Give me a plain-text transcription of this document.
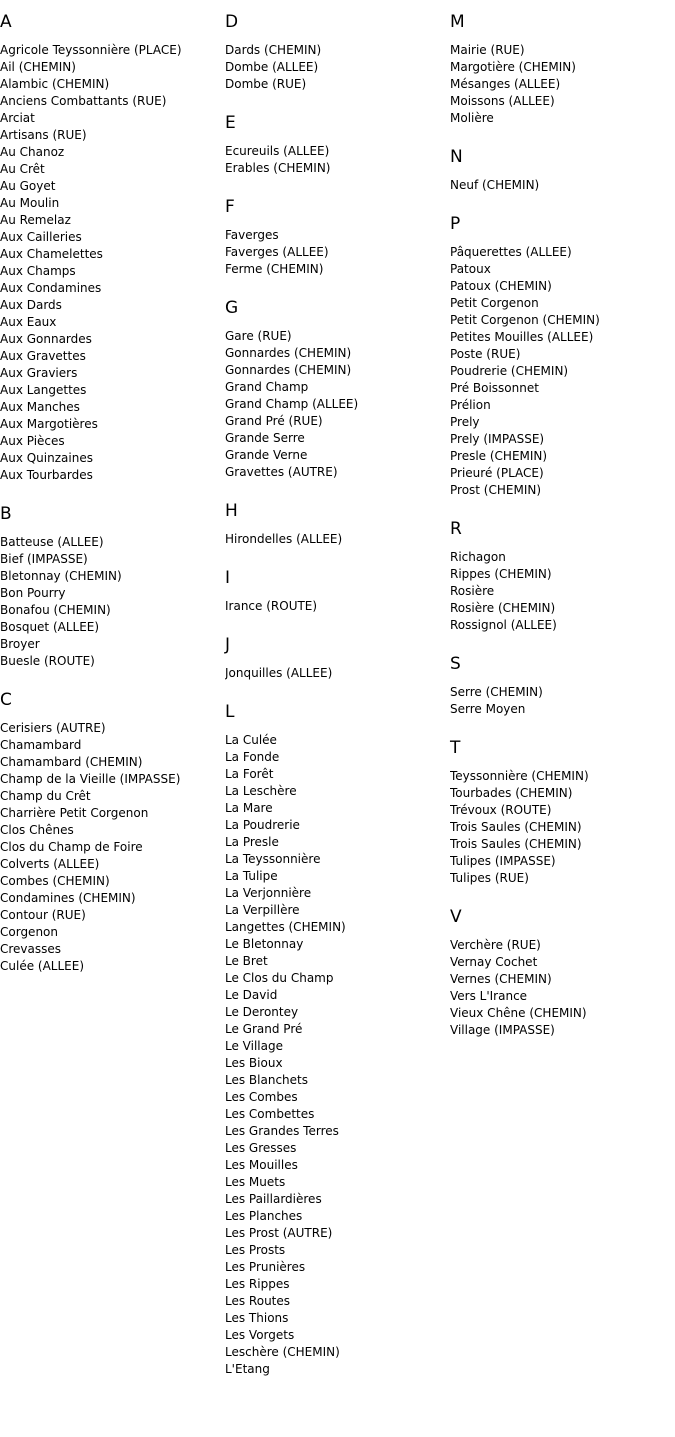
A
Agricole Teyssonnière (PLACE)
Ail (CHEMIN)
Alambic (CHEMIN)
Anciens Combattants (RUE)
Arciat
Artisans (RUE)
Au Chanoz
Au Crêt
Au Goyet
Au Moulin
Au Remelaz
Aux Cailleries
Aux Chamelettes
Aux Champs
Aux Condamines
Aux Dards
Aux Eaux
Aux Gonnardes
Aux Gravettes
Aux Graviers
Aux Langettes
Aux Manches
Aux Margotières
Aux Pièces
Aux Quinzaines
Aux Tourbardes
B
Batteuse (ALLEE)
Bief (IMPASSE)
Bletonnay (CHEMIN)
Bon Pourry
Bonafou (CHEMIN)
Bosquet (ALLEE)
Broyer
Buesle (ROUTE)
C
Cerisiers (AUTRE)
Chamambard
Chamambard (CHEMIN)
Champ de la Vieille (IMPASSE)
Champ du Crêt
Charrière Petit Corgenon
Clos Chênes
Clos du Champ de Foire
Colverts (ALLEE)
Combes (CHEMIN)
Condamines (CHEMIN)
Contour (RUE)
Corgenon
Crevasses
Culée (ALLEE)
D
Dards (CHEMIN)
Dombe (ALLEE)
Dombe (RUE)
E
Ecureuils (ALLEE)
Erables (CHEMIN)
F
Faverges
Faverges (ALLEE)
Ferme (CHEMIN)
G
Gare (RUE)
Gonnardes (CHEMIN)
Gonnardes (CHEMIN)
Grand Champ
Grand Champ (ALLEE)
Grand Pré (RUE)
Grande Serre
Grande Verne
Gravettes (AUTRE)
H
Hirondelles (ALLEE)
I
Irance (ROUTE)
J
Jonquilles (ALLEE)
L
La Culée
La Fonde
La Forêt
La Leschère
La Mare
La Poudrerie
La Presle
La Teyssonnière
La Tulipe
La Verjonnière
La Verpillère
Langettes (CHEMIN)
Le Bletonnay
Le Bret
Le Clos du Champ
Le David
Le Derontey
Le Grand Pré
Le Village
Les Bioux
Les Blanchets
Les Combes
Les Combettes
Les Grandes Terres
Les Gresses
Les Mouilles
Les Muets
Les Paillardières
Les Planches
Les Prost (AUTRE)
Les Prosts
Les Prunières
Les Rippes
Les Routes
Les Thions
Les Vorgets
Leschère (CHEMIN)
L'Etang
M
Mairie (RUE)
Margotière (CHEMIN)
Mésanges (ALLEE)
Moissons (ALLEE)
Molière
N
Neuf (CHEMIN)
P
Pâquerettes (ALLEE)
Patoux
Patoux (CHEMIN)
Petit Corgenon
Petit Corgenon (CHEMIN)
Petites Mouilles (ALLEE)
Poste (RUE)
Poudrerie (CHEMIN)
Pré Boissonnet
Prélion
Prely
Prely (IMPASSE)
Presle (CHEMIN)
Prieuré (PLACE)
Prost (CHEMIN)
R
Richagon
Rippes (CHEMIN)
Rosière
Rosière (CHEMIN)
Rossignol (ALLEE)
S
Serre (CHEMIN)
Serre Moyen
T
Teyssonnière (CHEMIN)
Tourbades (CHEMIN)
Trévoux (ROUTE)
Trois Saules (CHEMIN)
Trois Saules (CHEMIN)
Tulipes (IMPASSE)
Tulipes (RUE)
V
Verchère (RUE)
Vernay Cochet
Vernes (CHEMIN)
Vers L'Irance
Vieux Chêne (CHEMIN)
Village (IMPASSE)
